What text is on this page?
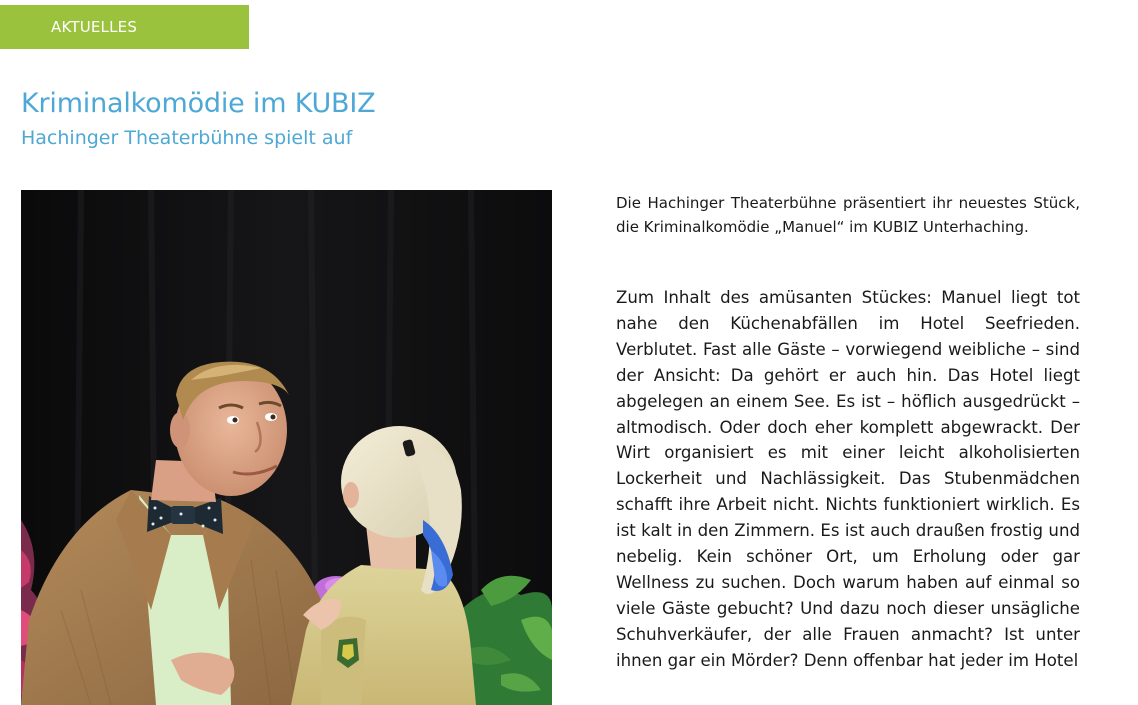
AKTUELLES
Kriminalkomödie im KUBIZ
Hachinger Theaterbühne spielt auf

Die Hachinger Theaterbühne präsentiert ihr neuestes Stück, die Kriminalkomödie „Manuel“ im KUBIZ Unterhaching.

Zum Inhalt des amüsanten Stückes: Manuel liegt tot nahe den Küchenabfällen im Hotel Seefrieden. Verblutet. Fast alle Gäste – vorwiegend weibliche – sind der Ansicht: Da gehört er auch hin. Das Hotel liegt abgelegen an einem See. Es ist – höflich ausgedrückt – altmodisch. Oder doch eher komplett abgewrackt. Der Wirt organisiert es mit einer leicht alkoholisierten Lockerheit und Nachlässigkeit. Das Stubenmädchen schafft ihre Arbeit nicht. Nichts funktioniert wirklich. Es ist kalt in den Zimmern. Es ist auch draußen frostig und nebelig. Kein schöner Ort, um Erholung oder gar Wellness zu suchen. Doch warum haben auf einmal so viele Gäste gebucht? Und dazu noch dieser unsägliche Schuhverkäufer, der alle Frauen anmacht? Ist unter ihnen gar ein Mörder? Denn offenbar hat jeder im Hotel
